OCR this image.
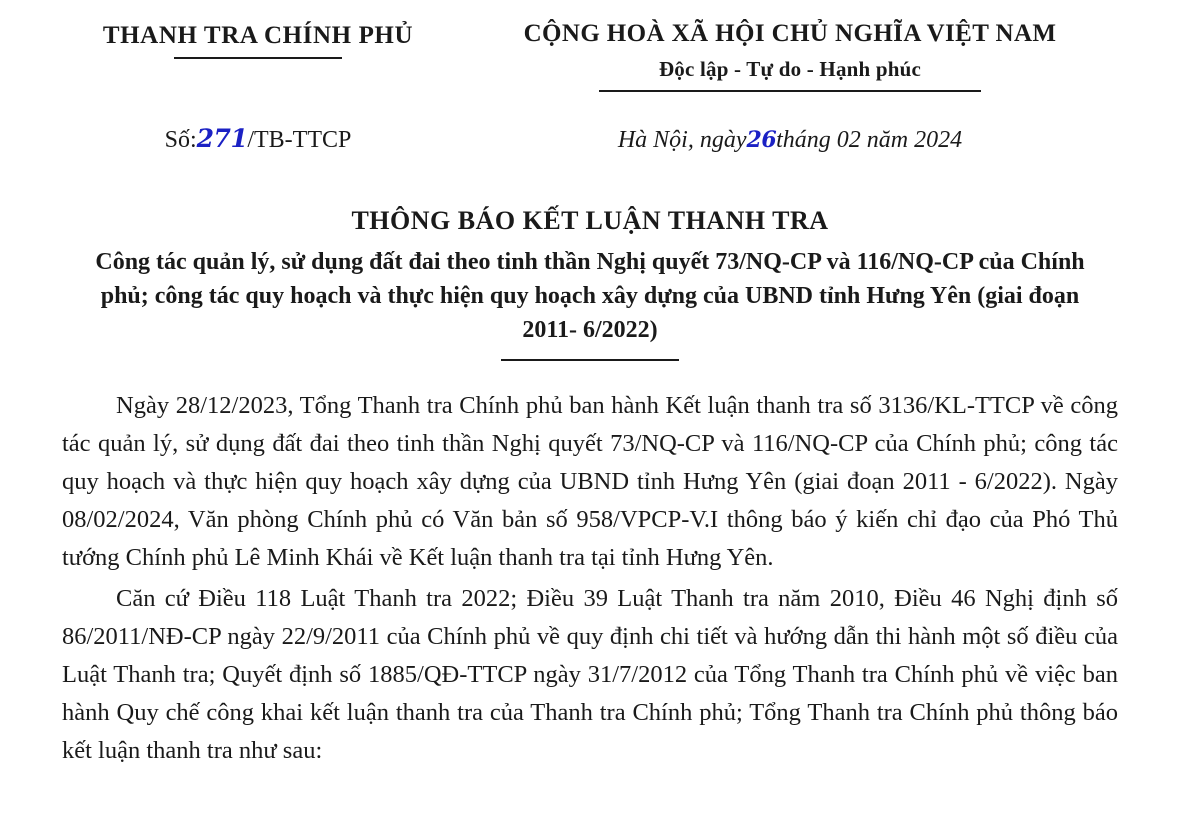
THANH TRA CHÍNH PHỦ	CỘNG HOÀ XÃ HỘI CHỦ NGHĨA VIỆT NAM
Độc lập - Tự do - Hạnh phúc
Số:271/TB-TTCP	Hà Nội, ngày26tháng 02 năm 2024
THÔNG BÁO KẾT LUẬN THANH TRA
Công tác quản lý, sử dụng đất đai theo tinh thần Nghị quyết 73/NQ-CP và 116/NQ-CP của Chính phủ; công tác quy hoạch và thực hiện quy hoạch xây dựng của UBND tỉnh Hưng Yên (giai đoạn 2011- 6/2022)

Ngày 28/12/2023, Tổng Thanh tra Chính phủ ban hành Kết luận thanh tra số 3136/KL-TTCP về công tác quản lý, sử dụng đất đai theo tinh thần Nghị quyết 73/NQ-CP và 116/NQ-CP của Chính phủ; công tác quy hoạch và thực hiện quy hoạch xây dựng của UBND tỉnh Hưng Yên (giai đoạn 2011 - 6/2022). Ngày 08/02/2024, Văn phòng Chính phủ có Văn bản số 958/VPCP-V.I thông báo ý kiến chỉ đạo của Phó Thủ tướng Chính phủ Lê Minh Khái về Kết luận thanh tra tại tỉnh Hưng Yên.

Căn cứ Điều 118 Luật Thanh tra 2022; Điều 39 Luật Thanh tra năm 2010, Điều 46 Nghị định số 86/2011/NĐ-CP ngày 22/9/2011 của Chính phủ về quy định chi tiết và hướng dẫn thi hành một số điều của Luật Thanh tra; Quyết định số 1885/QĐ-TTCP ngày 31/7/2012 của Tổng Thanh tra Chính phủ về việc ban hành Quy chế công khai kết luận thanh tra của Thanh tra Chính phủ; Tổng Thanh tra Chính phủ thông báo kết luận thanh tra như sau:
